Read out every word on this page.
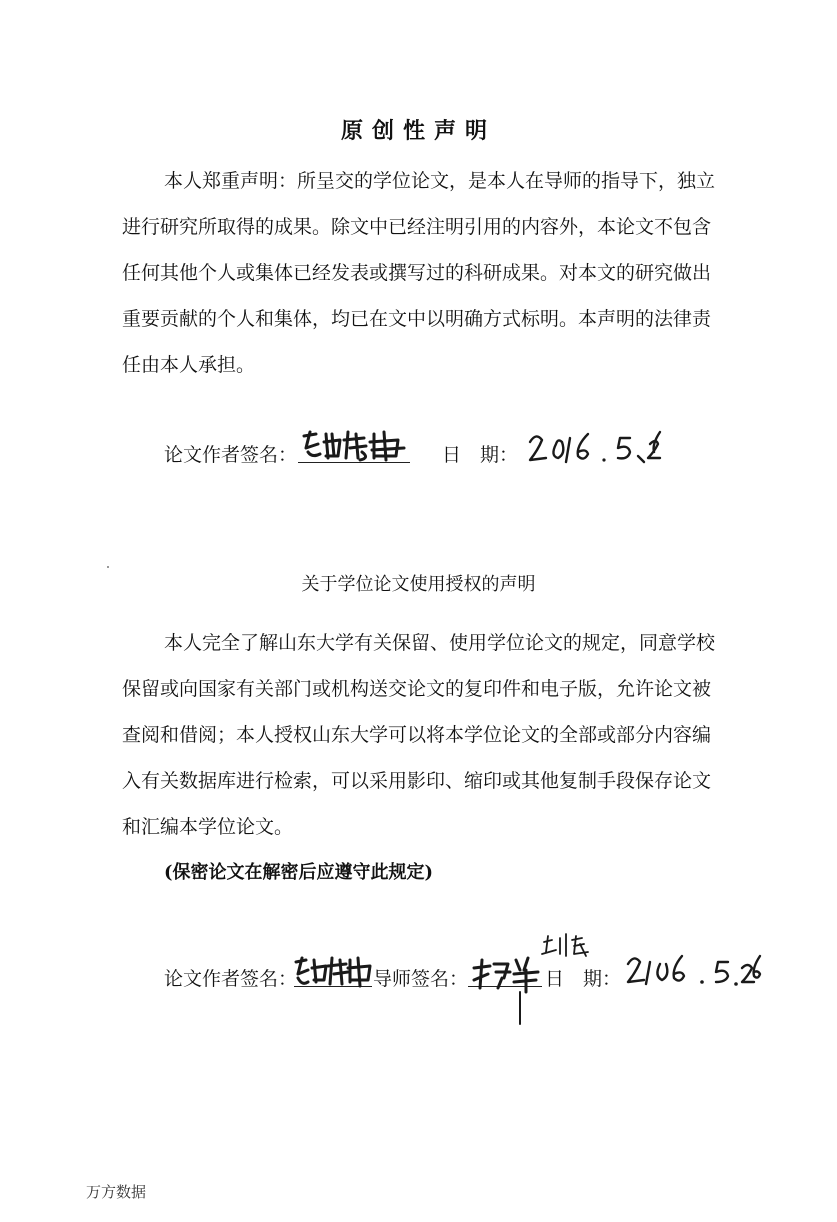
原创性声明

本人郑重声明：所呈交的学位论文，是本人在导师的指导下，独立进行研究所取得的成果。除文中已经注明引用的内容外，本论文不包含任何其他个人或集体已经发表或撰写过的科研成果。对本文的研究做出重要贡献的个人和集体，均已在文中以明确方式标明。本声明的法律责任由本人承担。

论文作者签名：	日　期：
关于学位论文使用授权的声明

本人完全了解山东大学有关保留、使用学位论文的规定，同意学校保留或向国家有关部门或机构送交论文的复印件和电子版，允许论文被查阅和借阅；本人授权山东大学可以将本学位论文的全部或部分内容编入有关数据库进行检索，可以采用影印、缩印或其他复制手段保存论文和汇编本学位论文。

(保密论文在解密后应遵守此规定)
论文作者签名：	导师签名：	日　期：
万方数据
